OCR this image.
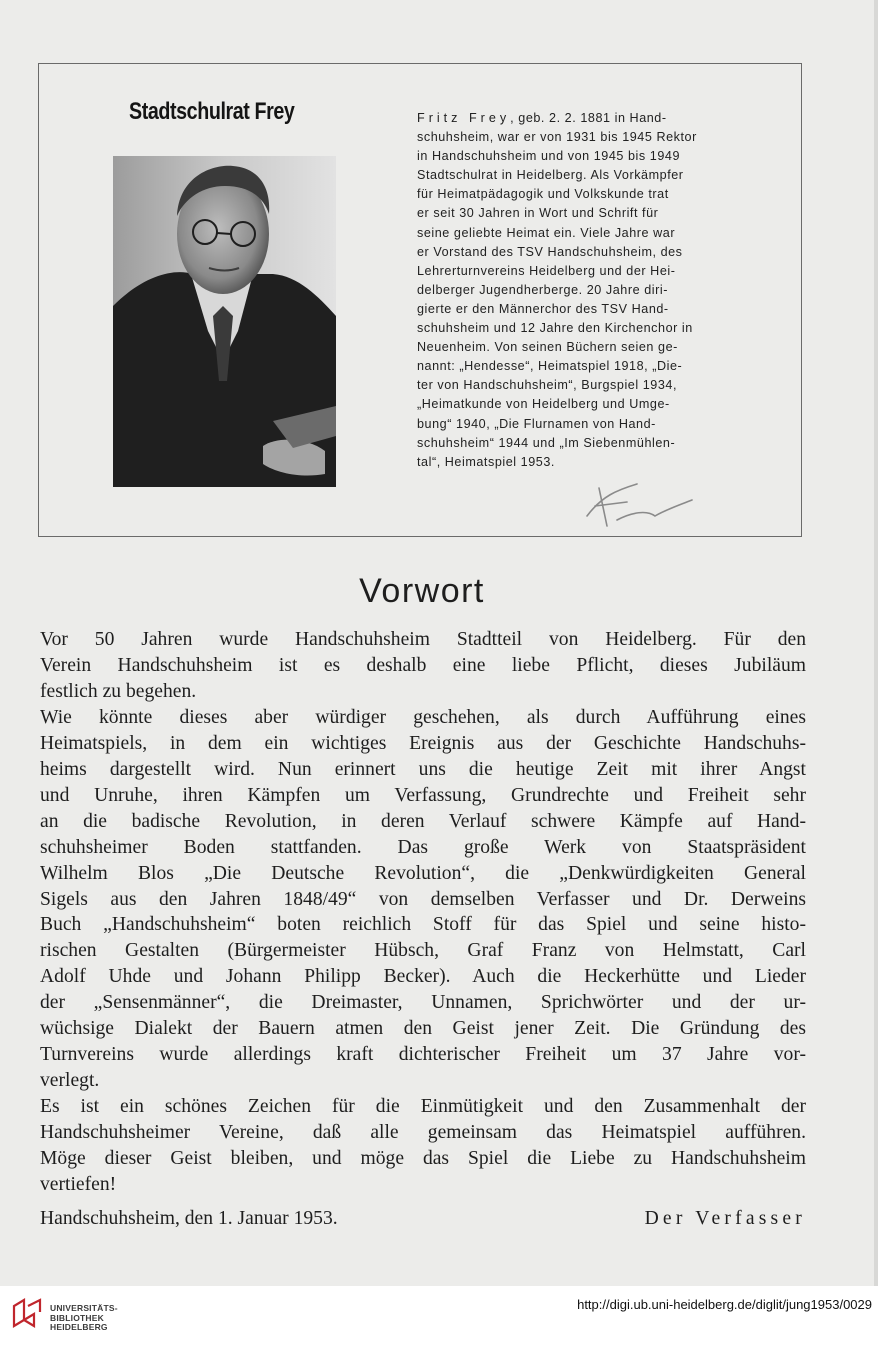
Stadtschulrat Frey	Fritz Frey, geb. 2. 2. 1881 in Hand-
schuhsheim, war er von 1931 bis 1945 Rektor
in Handschuhsheim und von 1945 bis 1949
Stadtschulrat in Heidelberg. Als Vorkämpfer
für Heimatpädagogik und Volkskunde trat
er seit 30 Jahren in Wort und Schrift für
seine geliebte Heimat ein. Viele Jahre war
er Vorstand des TSV Handschuhsheim, des
Lehrerturnvereins Heidelberg und der Hei-
delberger Jugendherberge. 20 Jahre diri-
gierte er den Männerchor des TSV Hand-
schuhsheim und 12 Jahre den Kirchenchor in
Neuenheim. Von seinen Büchern seien ge-
nannt: „Hendesse“, Heimatspiel 1918, „Die-
ter von Handschuhsheim“, Burgspiel 1934,
„Heimatkunde von Heidelberg und Umge-
bung“ 1940, „Die Flurnamen von Hand-
schuhsheim“ 1944 und „Im Siebenmühlen-
tal“, Heimatspiel 1953.
Vorwort
Vor 50 Jahren wurde Handschuhsheim Stadtteil von Heidelberg. Für den
Verein Handschuhsheim ist es deshalb eine liebe Pflicht, dieses Jubiläum
festlich zu begehen.
Wie könnte dieses aber würdiger geschehen, als durch Aufführung eines
Heimatspiels, in dem ein wichtiges Ereignis aus der Geschichte Handschuhs-
heims dargestellt wird. Nun erinnert uns die heutige Zeit mit ihrer Angst
und Unruhe, ihren Kämpfen um Verfassung, Grundrechte und Freiheit sehr
an die badische Revolution, in deren Verlauf schwere Kämpfe auf Hand-
schuhsheimer Boden stattfanden. Das große Werk von Staatspräsident
Wilhelm Blos „Die Deutsche Revolution“, die „Denkwürdigkeiten General
Sigels aus den Jahren 1848/49“ von demselben Verfasser und Dr. Derweins
Buch „Handschuhsheim“ boten reichlich Stoff für das Spiel und seine histo-
rischen Gestalten (Bürgermeister Hübsch, Graf Franz von Helmstatt, Carl
Adolf Uhde und Johann Philipp Becker). Auch die Heckerhütte und Lieder
der „Sensenmänner“, die Dreimaster, Unnamen, Sprichwörter und der ur-
wüchsige Dialekt der Bauern atmen den Geist jener Zeit. Die Gründung des
Turnvereins wurde allerdings kraft dichterischer Freiheit um 37 Jahre vor-
verlegt.
Es ist ein schönes Zeichen für die Einmütigkeit und den Zusammenhalt der
Handschuhsheimer Vereine, daß alle gemeinsam das Heimatspiel aufführen.
Möge dieser Geist bleiben, und möge das Spiel die Liebe zu Handschuhsheim
vertiefen!
Handschuhsheim, den 1. Januar 1953.	Der Verfasser
UNIVERSITÄTS-
BIBLIOTHEK
HEIDELBERG
http://digi.ub.uni-heidelberg.de/diglit/jung1953/0029
